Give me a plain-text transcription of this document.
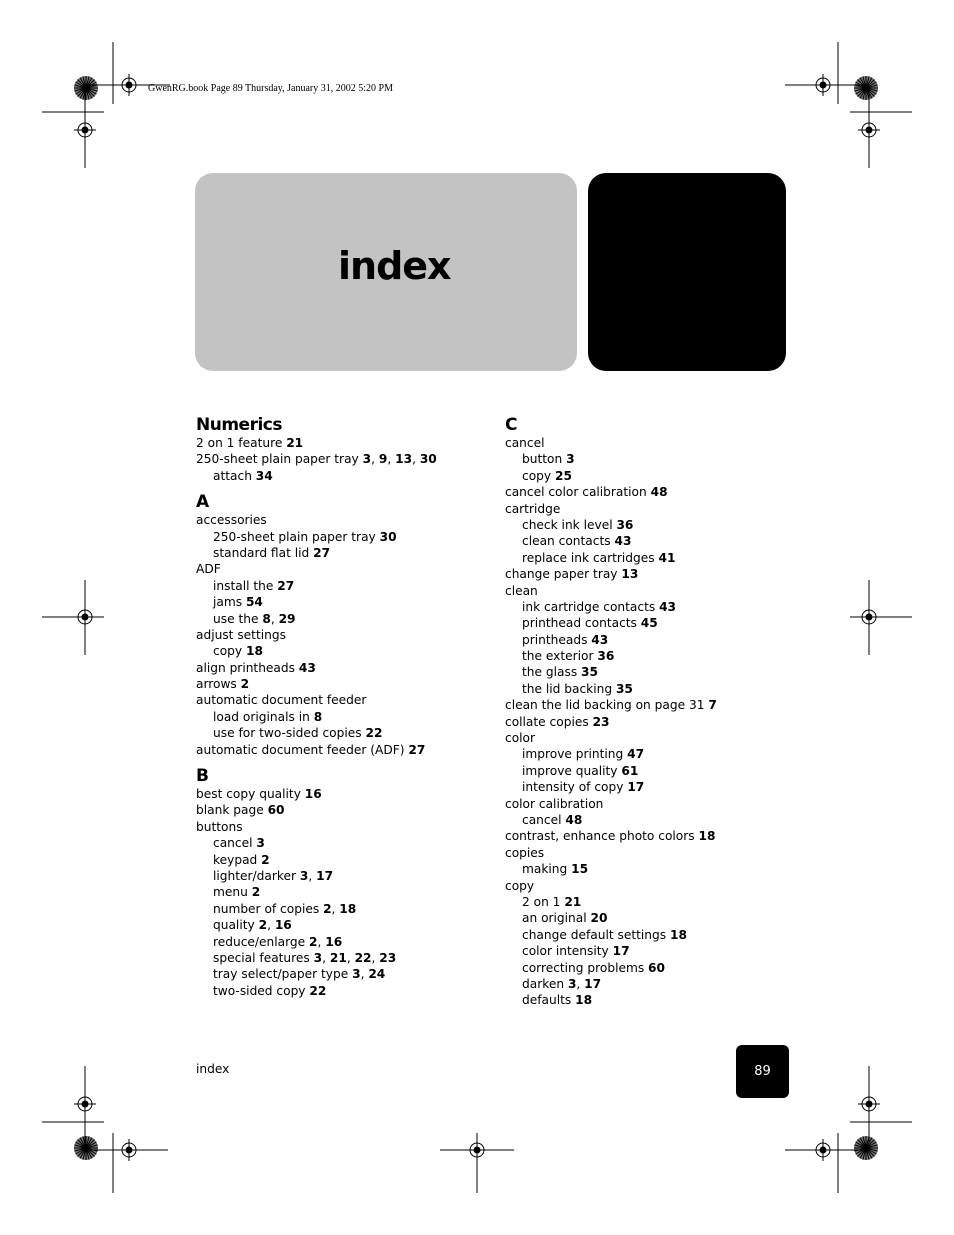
GwenRG.book Page 89 Thursday, January 31, 2002 5:20 PM
index
Numerics
2 on 1 feature 21
250-sheet plain paper tray 3, 9, 13, 30
attach 34
A
accessories
250-sheet plain paper tray 30
standard flat lid 27
ADF
install the 27
jams 54
use the 8, 29
adjust settings
copy 18
align printheads 43
arrows 2
automatic document feeder
load originals in 8
use for two-sided copies 22
automatic document feeder (ADF) 27
B
best copy quality 16
blank page 60
buttons
cancel 3
keypad 2
lighter/darker 3, 17
menu 2
number of copies 2, 18
quality 2, 16
reduce/enlarge 2, 16
special features 3, 21, 22, 23
tray select/paper type 3, 24
two-sided copy 22
C
cancel
button 3
copy 25
cancel color calibration 48
cartridge
check ink level 36
clean contacts 43
replace ink cartridges 41
change paper tray 13
clean
ink cartridge contacts 43
printhead contacts 45
printheads 43
the exterior 36
the glass 35
the lid backing 35
clean the lid backing on page 31 7
collate copies 23
color
improve printing 47
improve quality 61
intensity of copy 17
color calibration
cancel 48
contrast, enhance photo colors 18
copies
making 15
copy
2 on 1 21
an original 20
change default settings 18
color intensity 17
correcting problems 60
darken 3, 17
defaults 18
index	89
